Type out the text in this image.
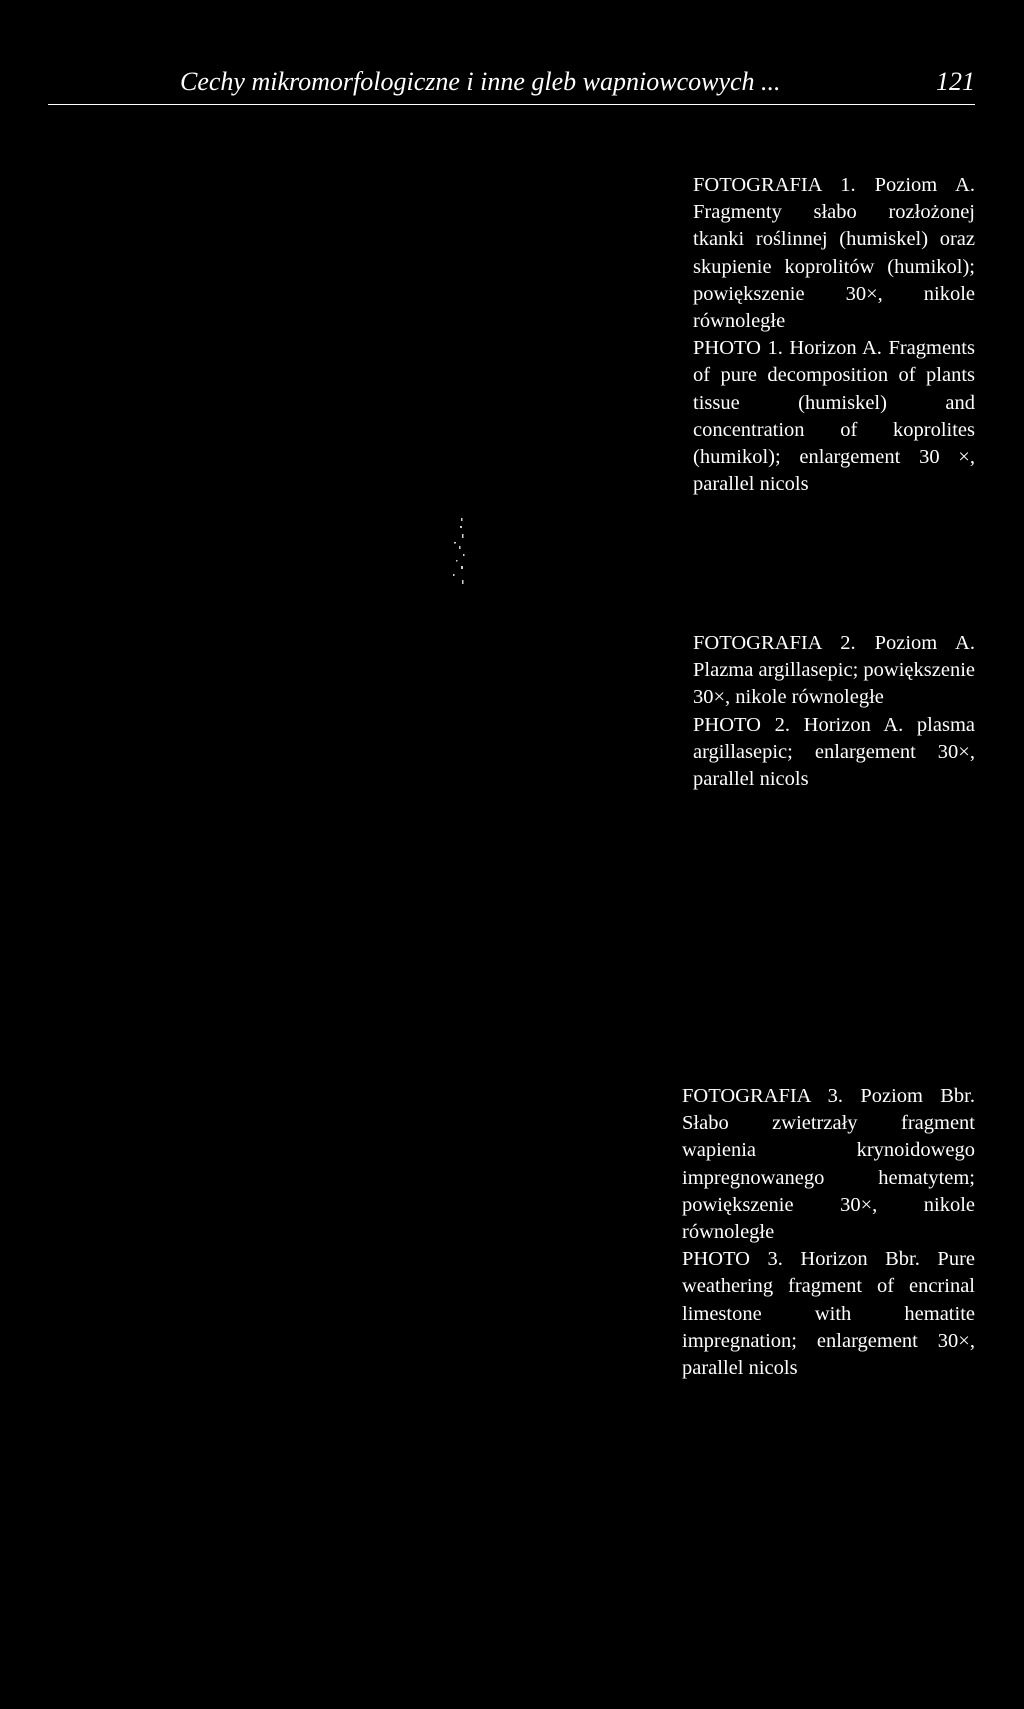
Cechy mikromorfologiczne i inne gleb wapniowcowych ...	121

FOTOGRAFIA 1. Poziom A. Fragmenty słabo rozłożonej tkanki roślinnej (humiskel) oraz skupienie koprolitów (humikol); powiększenie 30×, nikole równoległe

PHOTO 1. Horizon A. Fragments of pure decomposition of plants tissue (humiskel) and concentration of koprolites (humikol); enlargement 30 ×, parallel nicols

FOTOGRAFIA 2. Poziom A. Plazma argillasepic; powiększenie 30×, nikole równoległe

PHOTO 2. Horizon A. plasma argillasepic; enlargement 30×, parallel nicols

FOTOGRAFIA 3. Poziom Bbr. Słabo zwietrzały fragment wapienia krynoidowego impregnowanego hematytem; powiększenie 30×, nikole równoległe

PHOTO 3. Horizon Bbr. Pure weathering fragment of encrinal limestone with hematite impregnation; enlargement 30×, parallel nicols
